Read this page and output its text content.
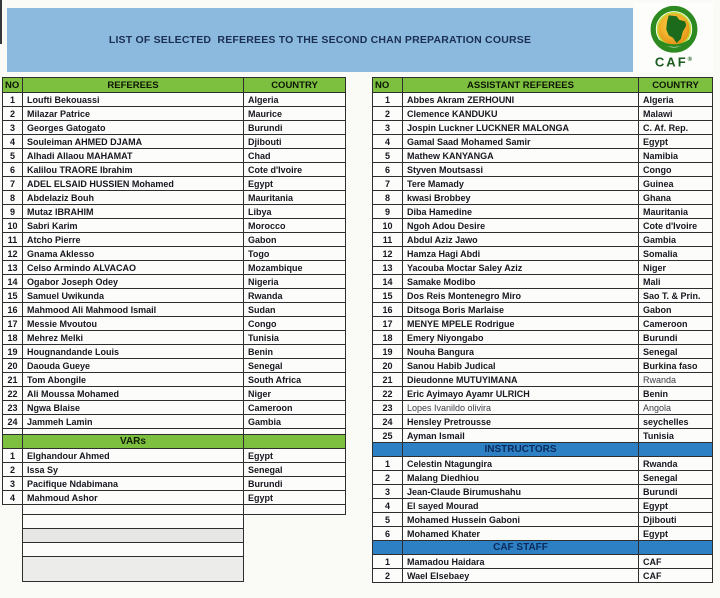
LIST OF SELECTED  REFEREES TO THE SECOND CHAN PREPARATION COURSE
CAF®
NO	REFEREES	COUNTRY
1	Loufti Bekouassi	Algeria
2	Milazar Patrice	Maurice
3	Georges Gatogato	Burundi
4	Souleiman AHMED DJAMA	Djibouti
5	Alhadi Allaou MAHAMAT	Chad
6	Kalilou TRAORE Ibrahim	Cote d'Ivoire
7	ADEL ELSAID HUSSIEN Mohamed	Egypt
8	Abdelaziz Bouh	Mauritania
9	Mutaz IBRAHIM	Libya
10	Sabri Karim	Morocco
11	Atcho Pierre	Gabon
12	Gnama Aklesso	Togo
13	Celso Armindo ALVACAO	Mozambique
14	Ogabor Joseph Odey	Nigeria
15	Samuel Uwikunda	Rwanda
16	Mahmood Ali Mahmood Ismail	Sudan
17	Messie Mvoutou	Congo
18	Mehrez Melki	Tunisia
19	Hougnandande Louis	Benin
20	Daouda Gueye	Senegal
21	Tom Abongile	South Africa
22	Ali Moussa Mohamed	Niger
23	Ngwa Blaise	Cameroon
24	Jammeh Lamin	Gambia

	VARs	
1	Elghandour Ahmed	Egypt
2	Issa Sy	Senegal
3	Pacifique Ndabimana	Burundi
4	Mahmoud Ashor	Egypt

NO	ASSISTANT REFEREES	COUNTRY
1	Abbes Akram ZERHOUNI	Algeria
2	Clemence KANDUKU	Malawi
3	Jospin Luckner LUCKNER MALONGA	C. Af. Rep.
4	Gamal Saad Mohamed Samir	Egypt
5	Mathew KANYANGA	Namibia
6	Styven Moutsassi	Congo
7	Tere Mamady	Guinea
8	kwasi Brobbey	Ghana
9	Diba Hamedine	Mauritania
10	Ngoh Adou Desire	Cote d'Ivoire
11	Abdul Aziz Jawo	Gambia
12	Hamza Hagi Abdi	Somalia
13	Yacouba Moctar Saley Aziz	Niger
14	Samake Modibo	Mali
15	Dos Reis Montenegro Miro	Sao T. & Prin.
16	Ditsoga Boris Marlaise	Gabon
17	MENYE MPELE Rodrigue	Cameroon
18	Emery Niyongabo	Burundi
19	Nouha Bangura	Senegal
20	Sanou Habib Judical	Burkina faso
21	Dieudonne MUTUYIMANA	Rwanda
22	Eric Ayimayo Ayamr ULRICH	Benin
23	Lopes Ivanildo olivira	Angola
24	Hensley Pretrousse	seychelles
25	Ayman Ismail	Tunisia
	INSTRUCTORS	
1	Celestin Ntagungira	Rwanda
2	Malang Diedhiou	Senegal
3	Jean-Claude Birumushahu	Burundi
4	El sayed Mourad	Egypt
5	Mohamed Hussein Gaboni	Djibouti
6	Mohamed Khater	Egypt
	CAF STAFF	
1	Mamadou Haidara	CAF
2	Wael Elsebaey	CAF
